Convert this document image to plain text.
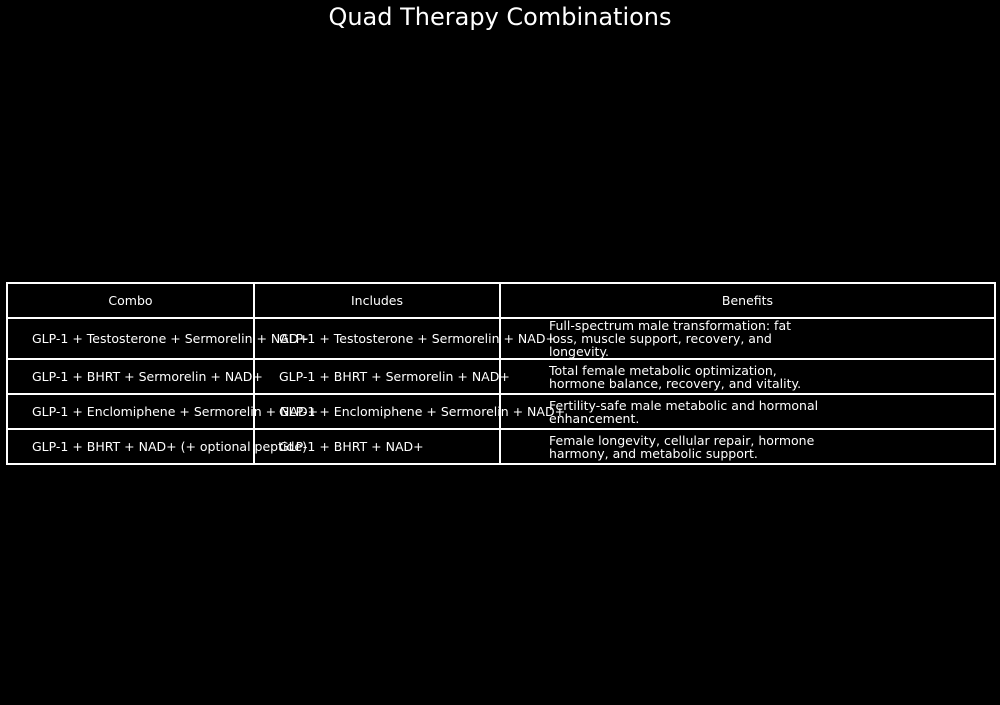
Quad Therapy Combinations
Combo	Includes	Benefits
GLP-1 + Testosterone + Sermorelin + NAD+	GLP-1 + Testosterone + Sermorelin + NAD+	Full-spectrum male transformation: fat loss, muscle support, recovery, and longevity.

GLP-1 + BHRT + Sermorelin + NAD+	GLP-1 + BHRT + Sermorelin + NAD+	Total female metabolic optimization, hormone balance, recovery, and vitality.

GLP-1 + Enclomiphene + Sermorelin + NAD+	GLP-1 + Enclomiphene + Sermorelin + NAD+	Fertility-safe male metabolic and hormonal enhancement.

GLP-1 + BHRT + NAD+ (+ optional peptide)	GLP-1 + BHRT + NAD+	Female longevity, cellular repair, hormone harmony, and metabolic support.
